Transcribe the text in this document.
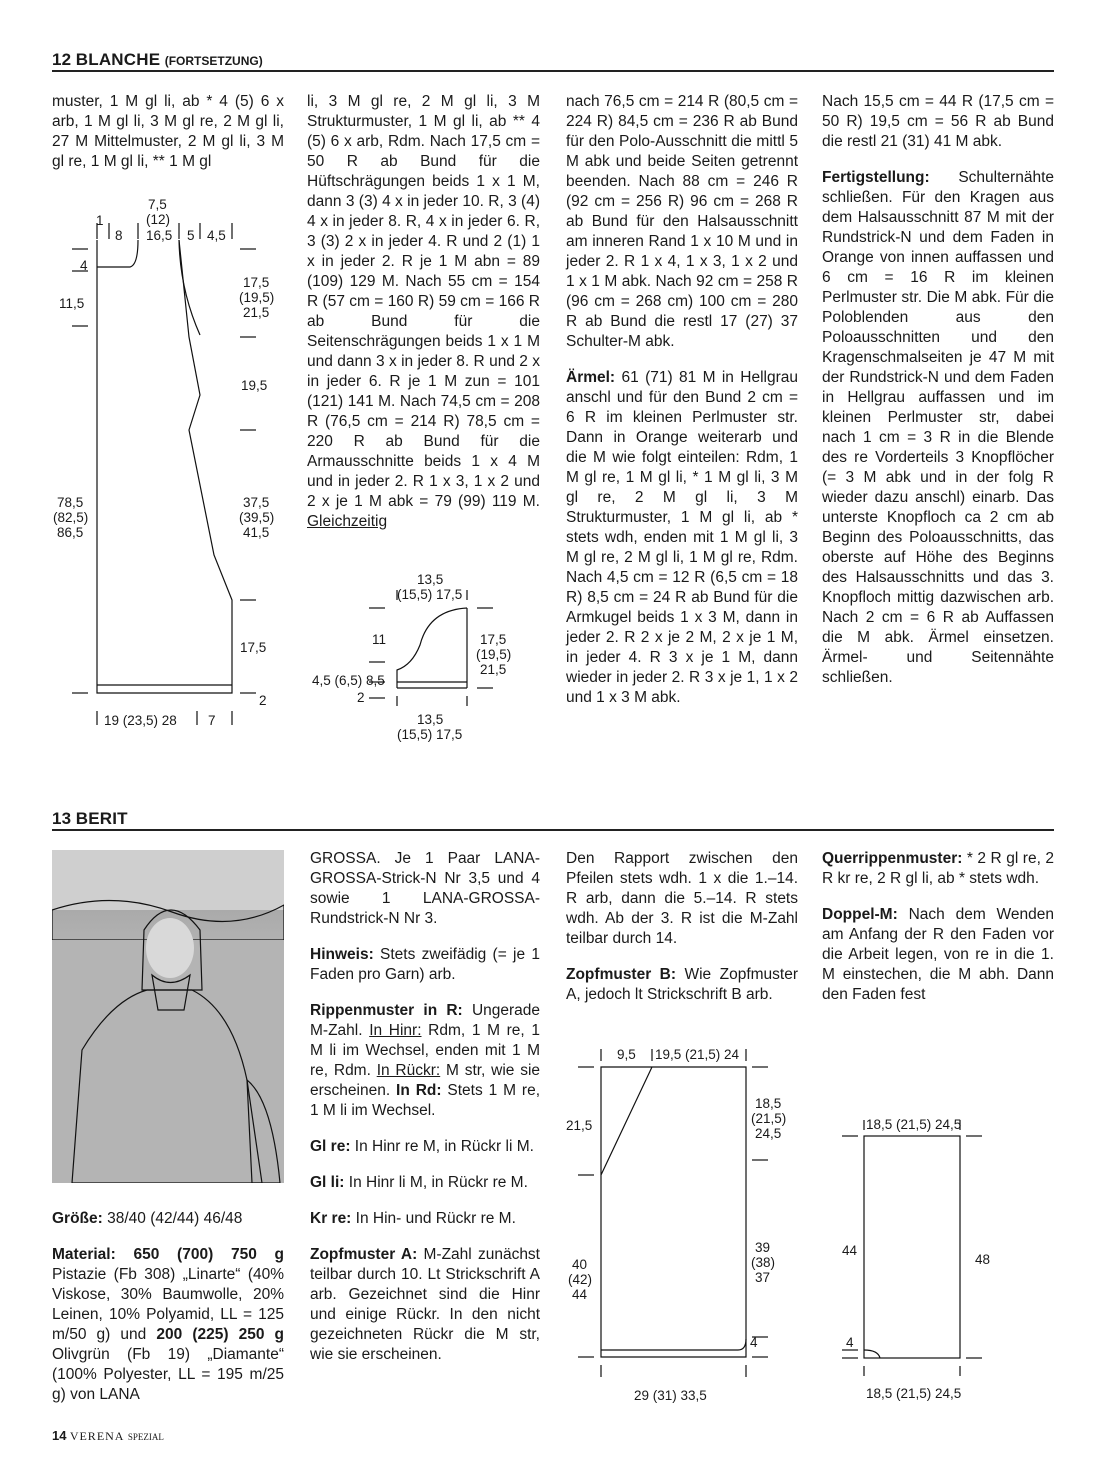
12 BLANCHE (FORTSETZUNG)

muster, 1 M gl li, ab * 4 (5) 6 x arb, 1 M gl li, 3 M gl re, 2 M gl li, 27 M Mittelmuster, 2 M gl li, 3 M gl re, 1 M gl li, ** 1 M gl

1
8
7,5
(12)
16,5 5 4,5
4
11,5
78,5
(82,5)
86,5
17,5
(19,5)
21,5
19,5
37,5
(39,5)
41,5
17,5
2
19 (23,5) 28 7

li, 3 M gl re, 2 M gl li, 3 M Strukturmuster, 1 M gl li, ab ** 4 (5) 6 x arb, Rdm. Nach 17,5 cm = 50 R ab Bund für die Hüftschrägungen beids 1 x 1 M, dann 3 (3) 4 x in jeder 10. R, 3 (4) 4 x in jeder 8. R, 4 x in jeder 6. R, 3 (3) 2 x in jeder 4. R und 2 (1) 1 x in jeder 2. R je 1 M abn = 89 (109) 129 M. Nach 55 cm = 154 R (57 cm = 160 R) 59 cm = 166 R ab Bund für die Seitenschrägungen beids 1 x 1 M und dann 3 x in jeder 8. R und 2 x in jeder 6. R je 1 M zun = 101 (121) 141 M. Nach 74,5 cm = 208 R (76,5 cm = 214 R) 78,5 cm = 220 R ab Bund für die Armausschnitte beids 1 x 4 M und in jeder 2. R 1 x 3, 1 x 2 und 2 x je 1 M abk = 79 (99) 119 M. Gleichzeitig

13,5
(15,5) 17,5
11
4,5 (6,5) 8,5
2
17,5
(19,5)
21,5
13,5
(15,5) 17,5

nach 76,5 cm = 214 R (80,5 cm = 224 R) 84,5 cm = 236 R ab Bund für den Polo-Ausschnitt die mittl 5 M abk und beide Seiten getrennt beenden. Nach 88 cm = 246 R (92 cm = 256 R) 96 cm = 268 R ab Bund für den Halsausschnitt am inneren Rand 1 x 10 M und in jeder 2. R 1 x 4, 1 x 3, 1 x 2 und 1 x 1 M abk. Nach 92 cm = 258 R (96 cm = 268 cm) 100 cm = 280 R ab Bund die restl 17 (27) 37 Schulter-M abk.

Ärmel: 61 (71) 81 M in Hellgrau anschl und für den Bund 2 cm = 6 R im kleinen Perlmuster str. Dann in Orange weiterarb und die M wie folgt einteilen: Rdm, 1 M gl re, 1 M gl li, * 1 M gl li, 3 M gl re, 2 M gl li, 3 M Strukturmuster, 1 M gl li, ab * stets wdh, enden mit 1 M gl li, 3 M gl re, 2 M gl li, 1 M gl re, Rdm. Nach 4,5 cm = 12 R (6,5 cm = 18 R) 8,5 cm = 24 R ab Bund für die Armkugel beids 1 x 3 M, dann in jeder 2. R 2 x je 2 M, 2 x je 1 M, in jeder 4. R 3 x je 1 M, dann wieder in jeder 2. R 3 x je 1, 1 x 2 und 1 x 3 M abk.

Nach 15,5 cm = 44 R (17,5 cm = 50 R) 19,5 cm = 56 R ab Bund die restl 21 (31) 41 M abk.

Fertigstellung: Schulternähte schließen. Für den Kragen aus dem Halsausschnitt 87 M mit der Rundstrick-N und dem Faden in Orange von innen auffassen und 6 cm = 16 R im kleinen Perlmuster str. Die M abk. Für die Poloblenden aus den Poloausschnitten und den Kragenschmalseiten je 47 M mit der Rundstrick-N und dem Faden in Hellgrau auffassen und im kleinen Perlmuster str, dabei nach 1 cm = 3 R in die Blende des re Vorderteils 3 Knopflöcher (= 3 M abk und in der folg R wieder dazu anschl) einarb. Das unterste Knopfloch ca 2 cm ab Beginn des Poloausschnitts, das oberste auf Höhe des Beginns des Halsausschnitts und das 3. Knopfloch mittig dazwischen arb. Nach 2 cm = 6 R ab Auffassen die M abk. Ärmel einsetzen. Ärmel- und Seitennähte schließen.

13 BERIT

Größe: 38/40 (42/44) 46/48

Material: 650 (700) 750 g Pistazie (Fb 308) „Linarte“ (40% Viskose, 30% Baumwolle, 20% Leinen, 10% Polyamid, LL = 125 m/50 g) und 200 (225) 250 g Olivgrün (Fb 19) „Diamante“ (100% Polyester, LL = 195 m/25 g) von LANA

GROSSA. Je 1 Paar LANA-GROSSA-Strick-N Nr 3,5 und 4 sowie 1 LANA-GROSSA-Rundstrick-N Nr 3.

Hinweis: Stets zweifädig (= je 1 Faden pro Garn) arb.

Rippenmuster in R: Ungerade M-Zahl. In Hinr: Rdm, 1 M re, 1 M li im Wechsel, enden mit 1 M re, Rdm. In Rückr: M str, wie sie erscheinen. In Rd: Stets 1 M re, 1 M li im Wechsel.

Gl re: In Hinr re M, in Rückr li M.

Gl li: In Hinr li M, in Rückr re M.

Kr re: In Hin- und Rückr re M.

Zopfmuster A: M-Zahl zunächst teilbar durch 10. Lt Strickschrift A arb. Gezeichnet sind die Hinr und einige Rückr. In den nicht gezeichneten Rückr die M str, wie sie erscheinen.

Den Rapport zwischen den Pfeilen stets wdh. 1 x die 1.–14. R arb, dann die 5.–14. R stets wdh. Ab der 3. R ist die M-Zahl teilbar durch 14.

Zopfmuster B: Wie Zopfmuster A, jedoch lt Strickschrift B arb.

9,5 19,5 (21,5) 24
21,5
40
(42)
44
18,5
(21,5)
24,5
39
(38)
37
4
29 (31) 33,5

Querrippenmuster: * 2 R gl re, 2 R kr re, 2 R gl li, ab * stets wdh.

Doppel-M: Nach dem Wenden am Anfang der R den Faden vor die Arbeit legen, von re in die 1. M einstechen, die M abh. Dann den Faden fest

18,5 (21,5) 24,5
44
4
48
18,5 (21,5) 24,5
14 VERENA SPEZIAL
